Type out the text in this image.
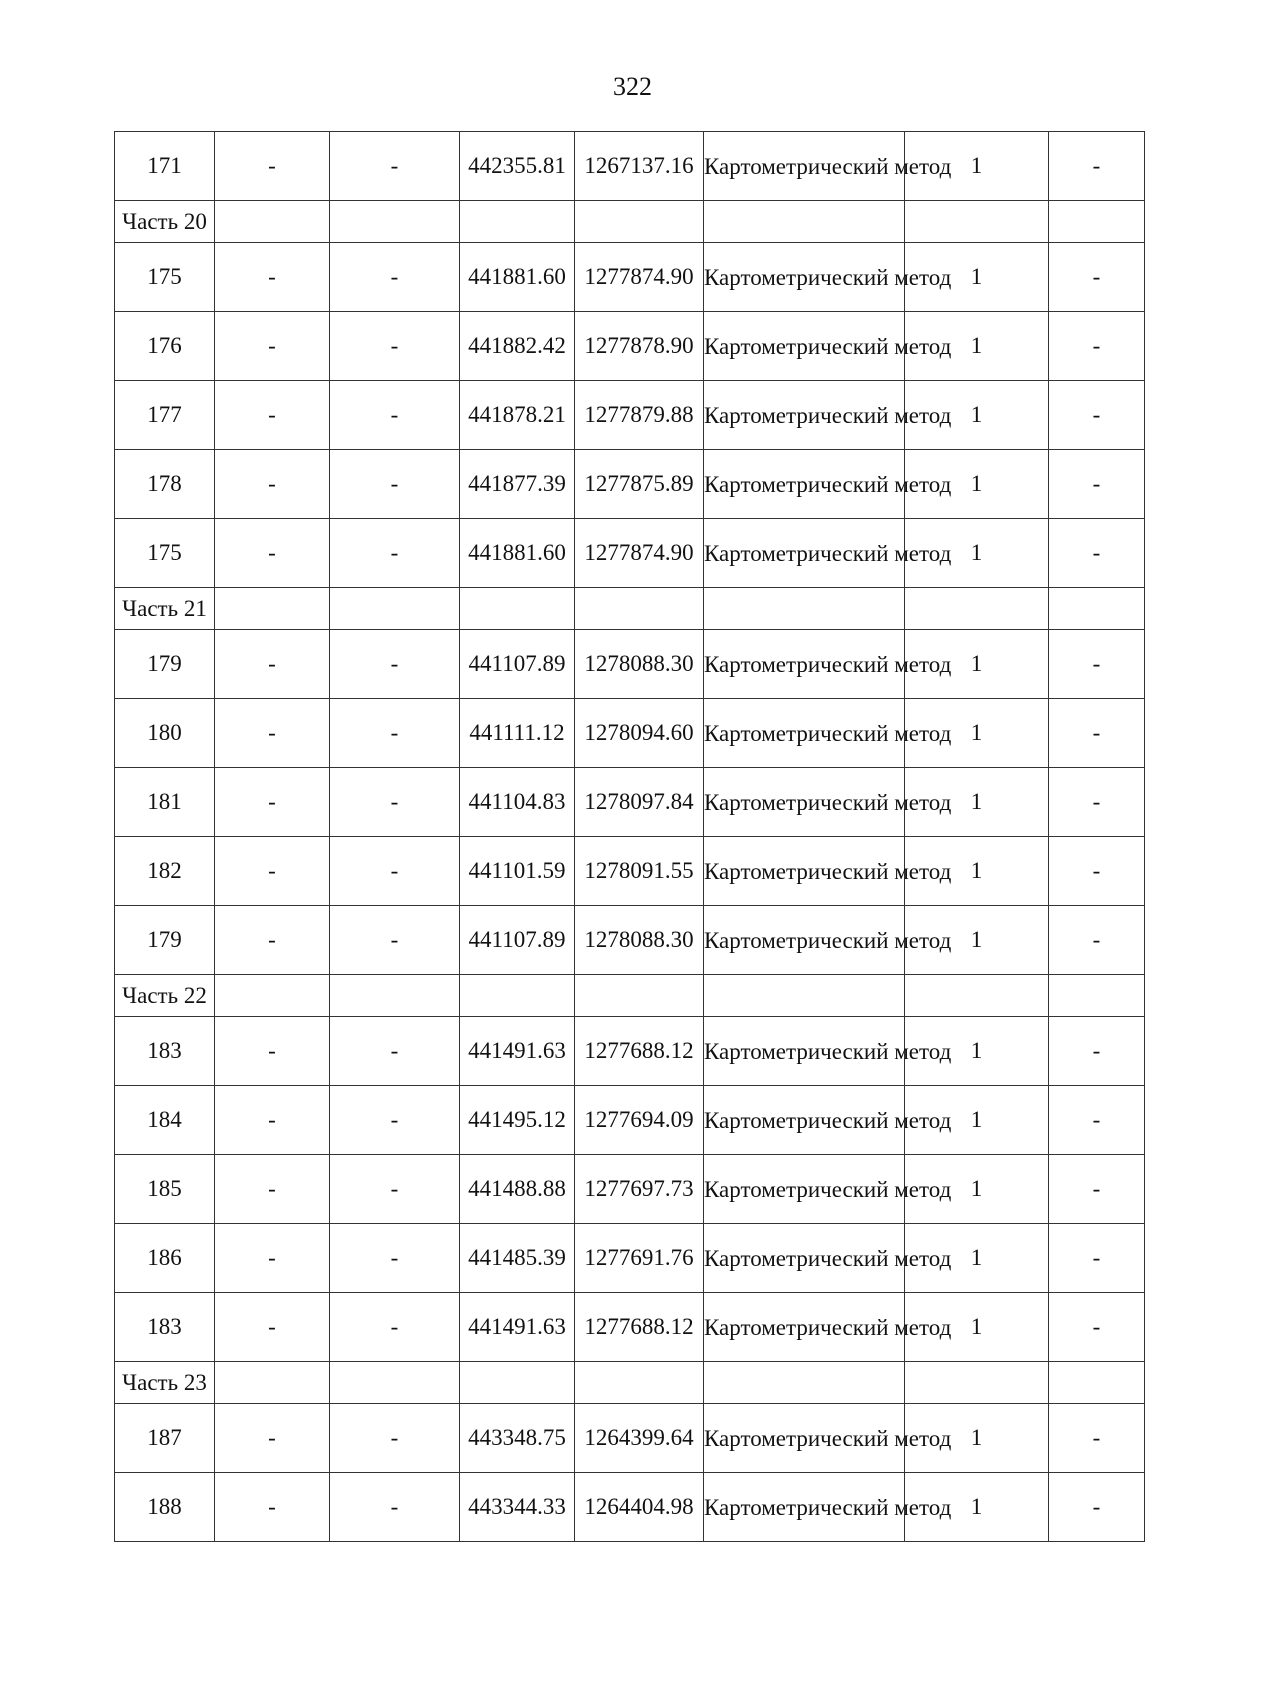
322
171	-	-	442355.81	1267137.16	Картометрический метод	1	-
Часть 20							
175	-	-	441881.60	1277874.90	Картометрический метод	1	-
176	-	-	441882.42	1277878.90	Картометрический метод	1	-
177	-	-	441878.21	1277879.88	Картометрический метод	1	-
178	-	-	441877.39	1277875.89	Картометрический метод	1	-
175	-	-	441881.60	1277874.90	Картометрический метод	1	-
Часть 21							
179	-	-	441107.89	1278088.30	Картометрический метод	1	-
180	-	-	441111.12	1278094.60	Картометрический метод	1	-
181	-	-	441104.83	1278097.84	Картометрический метод	1	-
182	-	-	441101.59	1278091.55	Картометрический метод	1	-
179	-	-	441107.89	1278088.30	Картометрический метод	1	-
Часть 22							
183	-	-	441491.63	1277688.12	Картометрический метод	1	-
184	-	-	441495.12	1277694.09	Картометрический метод	1	-
185	-	-	441488.88	1277697.73	Картометрический метод	1	-
186	-	-	441485.39	1277691.76	Картометрический метод	1	-
183	-	-	441491.63	1277688.12	Картометрический метод	1	-
Часть 23							
187	-	-	443348.75	1264399.64	Картометрический метод	1	-
188	-	-	443344.33	1264404.98	Картометрический метод	1	-
